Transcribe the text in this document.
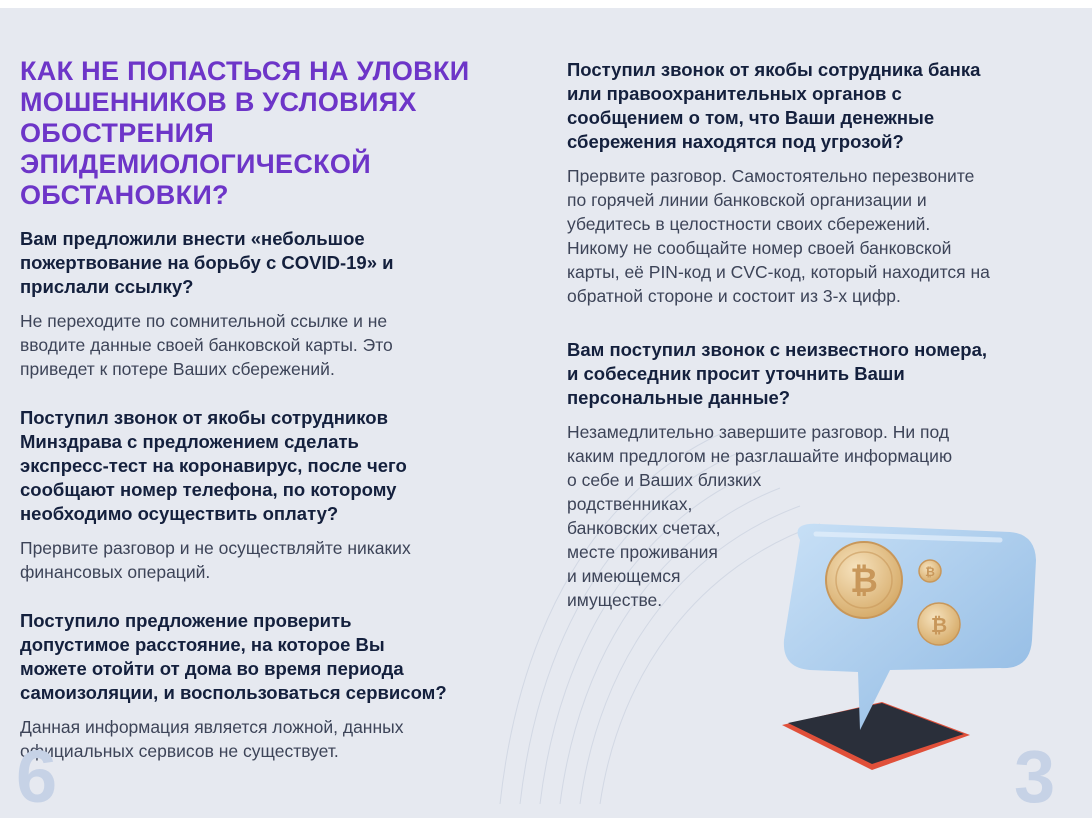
КАК НЕ ПОПАСТЬСЯ НА УЛОВКИ
МОШЕННИКОВ В УСЛОВИЯХ
ОБОСТРЕНИЯ
ЭПИДЕМИОЛОГИЧЕСКОЙ
ОБСТАНОВКИ?

Вам предложили внести «небольшое
пожертвование на борьбу с COVID-19» и
прислали ссылку?

Не переходите по сомнительной ссылке и не
вводите данные своей банковской карты. Это
приведет к потере Ваших сбережений.

Поступил звонок от якобы сотрудников
Минздрава с предложением сделать
экспресс-тест на коронавирус, после чего
сообщают номер телефона, по которому
необходимо осуществить оплату?

Прервите разговор и не осуществляйте никаких
финансовых операций.

Поступило предложение проверить
допустимое расстояние, на которое Вы
можете отойти от дома во время периода
самоизоляции, и воспользоваться сервисом?

Данная информация является ложной, данных
официальных сервисов не существует.

Поступил звонок от якобы сотрудника банка
или правоохранительных органов с
сообщением о том, что Ваши денежные
сбережения находятся под угрозой?

Прервите разговор. Самостоятельно перезвоните
по горячей линии банковской организации и
убедитесь в целостности своих сбережений.
Никому не сообщайте номер своей банковской
карты, её PIN-код и CVC-код, который находится на
обратной стороне и состоит из 3-х цифр.

Вам поступил звонок с неизвестного номера,
и собеседник просит уточнить Ваши
персональные данные?

Незамедлительно завершите разговор. Ни под
каким предлогом не разглашайте информацию
о себе и Ваших близких
родственниках,
банковских счетах,
месте проживания
и имеющемся
имуществе.	₿	₿
₿
6	3
